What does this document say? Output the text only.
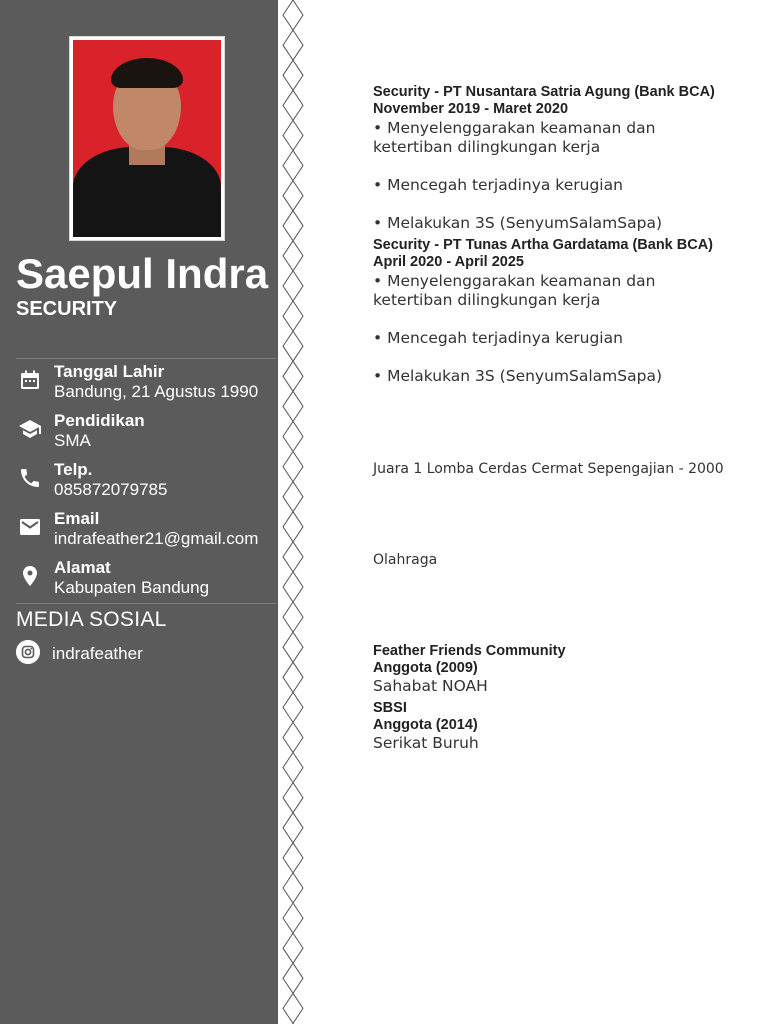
Saepul Indra
SECURITY
Tanggal Lahir
Bandung, 21 Agustus 1990
Pendidikan
SMA
Telp.
085872079785
Email
indrafeather21@gmail.com
Alamat
Kabupaten Bandung
MEDIA SOSIAL
indrafeather
Security - PT Nusantara Satria Agung (Bank BCA)
November 2019 - Maret 2020
• Menyelenggarakan keamanan dan
ketertiban dilingkungan kerja
• Mencegah terjadinya kerugian
• Melakukan 3S (SenyumSalamSapa)
Security - PT Tunas Artha Gardatama (Bank BCA)
April 2020 - April 2025
• Menyelenggarakan keamanan dan
ketertiban dilingkungan kerja
• Mencegah terjadinya kerugian
• Melakukan 3S (SenyumSalamSapa)
Juara 1 Lomba Cerdas Cermat Sepengajian - 2000
Olahraga
Feather Friends Community
Anggota (2009)
Sahabat NOAH
SBSI
Anggota (2014)
Serikat Buruh
